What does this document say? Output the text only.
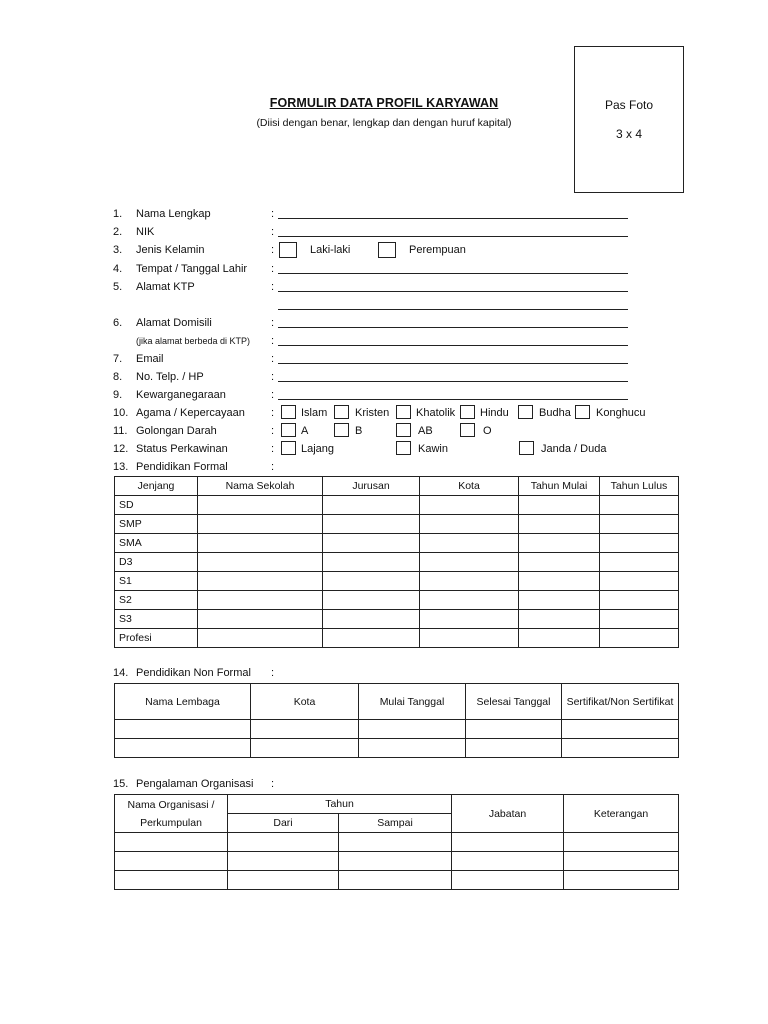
FORMULIR DATA PROFIL KARYAWAN
(Diisi dengan benar, lengkap dan dengan huruf kapital)
Pas Foto
3 x 4
1. Nama Lengkap	:
2. NIK	:
3. Jenis Kelamin	:	Laki-laki	Perempuan
4. Tempat / Tanggal Lahir :
5. Alamat KTP	:
6. Alamat Domisili	:
(jika alamat berbeda di KTP) :
7. Email	:
8. No. Telp. / HP	:
9. Kewarganegaraan	:
10. Agama / Kepercayaan : Islam	Kristen Khatolik Hindu	Budha Konghucu
11. Golongan Darah	: A	B	AB	O
12. Status Perkawinan	: Lajang	Kawin	Janda / Duda
13. Pendidikan Formal	:
Jenjang	Nama Sekolah	Jurusan	Kota	Tahun Mulai	Tahun Lulus
SD					
SMP					
SMA					
D3					
S1					
S2					
S3					
Profesi					
14. Pendidikan Non Formal :
Nama Lembaga	Kota	Mulai Tanggal	Selesai Tanggal	Sertifikat/Non Sertifikat

15. Pengalaman Organisasi :
Nama Organisasi / Perkumpulan	Tahun		Jabatan	Keterangan
	Dari	Sampai		
